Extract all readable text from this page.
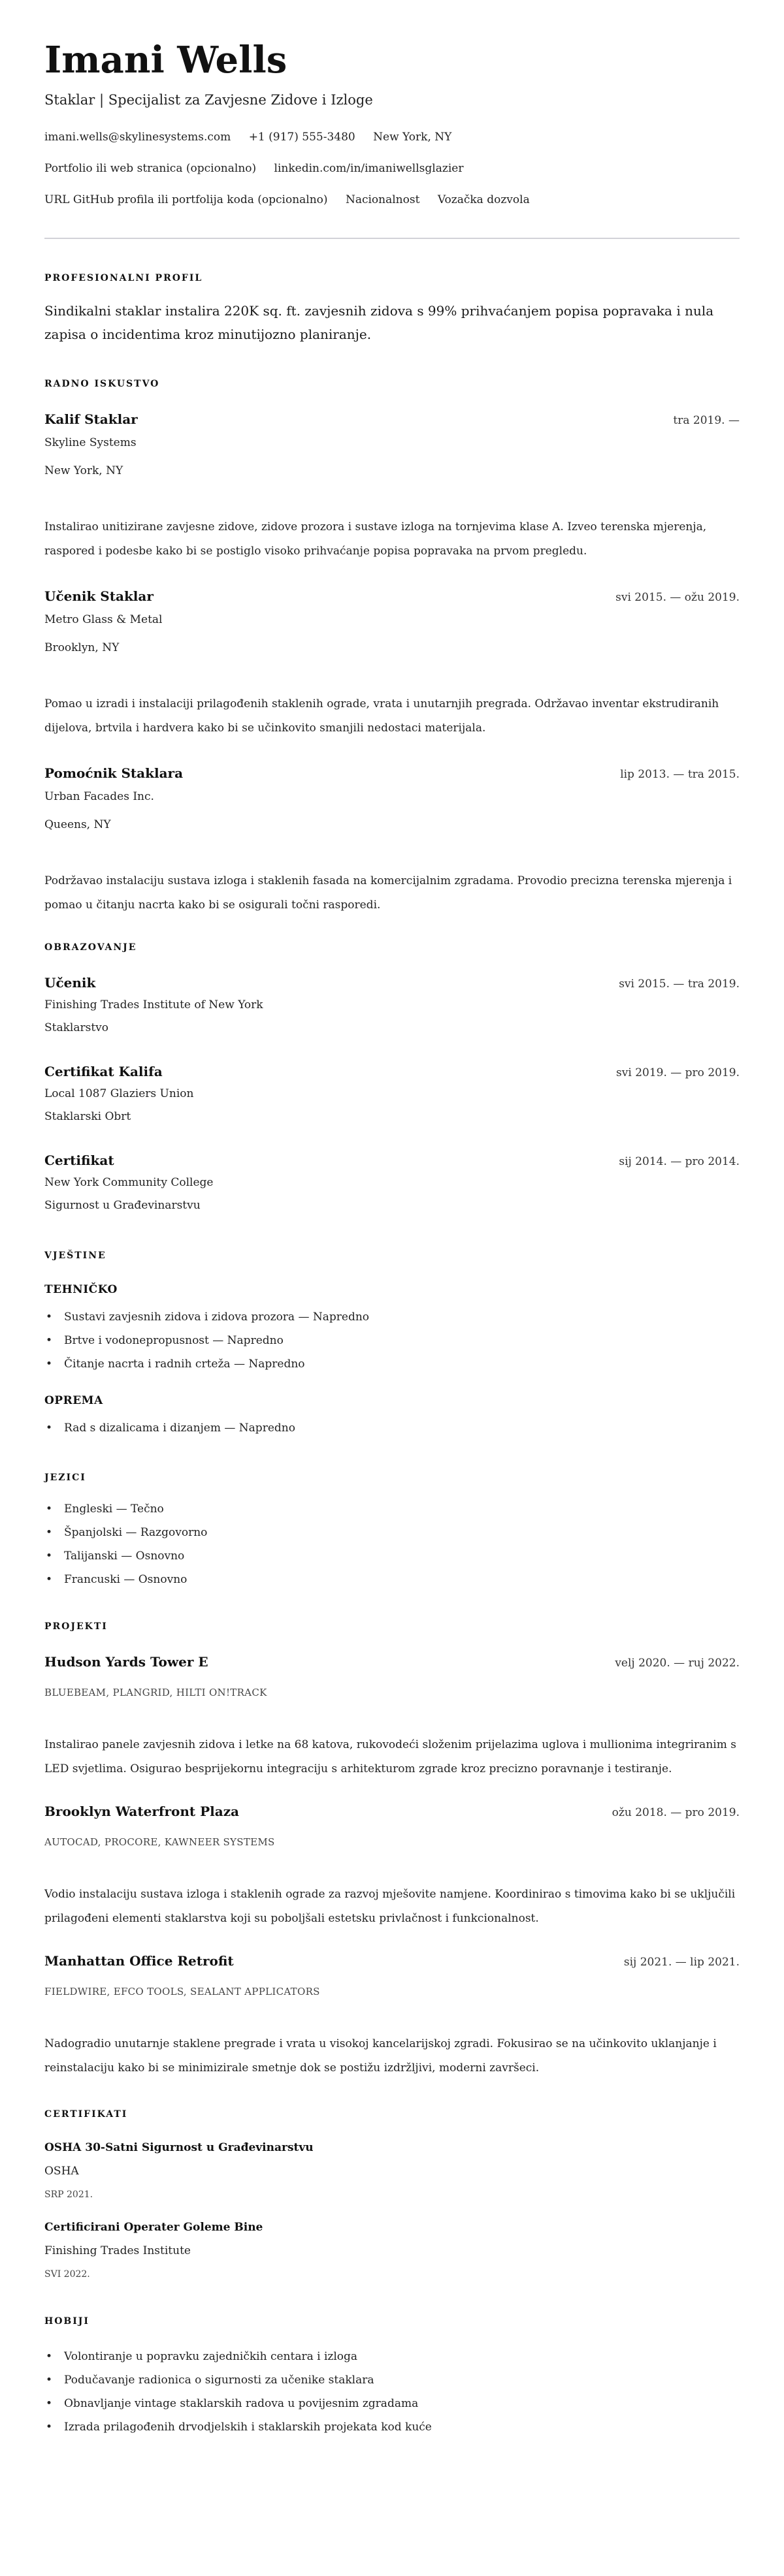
Imani Wells
Staklar | Specijalist za Zavjesne Zidove i Izloge
imani.wells@skylinesystems.com +1 (917) 555-3480 New York, NY
Portfolio ili web stranica (opcionalno) linkedin.com/in/imaniwellsglazier
URL GitHub profila ili portfolija koda (opcionalno) Nacionalnost Vozačka dozvola
PROFESIONALNI PROFIL
Sindikalni staklar instalira 220K sq. ft. zavjesnih zidova s 99% prihvaćanjem popisa popravaka i nula zapisa o incidentima kroz minutijozno planiranje.
RADNO ISKUSTVO
Kalif Staklar	tra 2019. —
Skyline Systems
New York, NY
Instalirao unitizirane zavjesne zidove, zidove prozora i sustave izloga na tornjevima klase A. Izveo terenska mjerenja, raspored i podesbe kako bi se postiglo visoko prihvaćanje popisa popravaka na prvom pregledu.
Učenik Staklar	svi 2015. — ožu 2019.
Metro Glass & Metal
Brooklyn, NY
Pomao u izradi i instalaciji prilagođenih staklenih ograde, vrata i unutarnjih pregrada. Održavao inventar ekstrudiranih dijelova, brtvila i hardvera kako bi se učinkovito smanjili nedostaci materijala.
Pomoćnik Staklara	lip 2013. — tra 2015.
Urban Facades Inc.
Queens, NY
Podržavao instalaciju sustava izloga i staklenih fasada na komercijalnim zgradama. Provodio precizna terenska mjerenja i pomao u čitanju nacrta kako bi se osigurali točni rasporedi.
OBRAZOVANJE
Učenik	svi 2015. — tra 2019.
Finishing Trades Institute of New York
Staklarstvo
Certifikat Kalifa	svi 2019. — pro 2019.
Local 1087 Glaziers Union
Staklarski Obrt
Certifikat	sij 2014. — pro 2014.
New York Community College
Sigurnost u Građevinarstvu
VJEŠTINE
TEHNIČKO
• Sustavi zavjesnih zidova i zidova prozora — Napredno
• Brtve i vodonepropusnost — Napredno
• Čitanje nacrta i radnih crteža — Napredno
OPREMA
• Rad s dizalicama i dizanjem — Napredno
JEZICI
• Engleski — Tečno
• Španjolski — Razgovorno
• Talijanski — Osnovno
• Francuski — Osnovno
PROJEKTI
Hudson Yards Tower E	velj 2020. — ruj 2022.
BLUEBEAM, PLANGRID, HILTI ON!TRACK
Instalirao panele zavjesnih zidova i letke na 68 katova, rukovodeći složenim prijelazima uglova i mullionima integriranim s LED svjetlima. Osigurao besprijekornu integraciju s arhitekturom zgrade kroz precizno poravnanje i testiranje.
Brooklyn Waterfront Plaza	ožu 2018. — pro 2019.
AUTOCAD, PROCORE, KAWNEER SYSTEMS
Vodio instalaciju sustava izloga i staklenih ograde za razvoj mješovite namjene. Koordinirao s timovima kako bi se uključili prilagođeni elementi staklarstva koji su poboljšali estetsku privlačnost i funkcionalnost.
Manhattan Office Retrofit	sij 2021. — lip 2021.
FIELDWIRE, EFCO TOOLS, SEALANT APPLICATORS
Nadogradio unutarnje staklene pregrade i vrata u visokoj kancelarijskoj zgradi. Fokusirao se na učinkovito uklanjanje i reinstalaciju kako bi se minimizirale smetnje dok se postižu izdržljivi, moderni završeci.
CERTIFIKATI
OSHA 30-Satni Sigurnost u Građevinarstvu
OSHA
SRP 2021.
Certificirani Operater Goleme Bine
Finishing Trades Institute
SVI 2022.
HOBIJI
• Volontiranje u popravku zajedničkih centara i izloga
• Podučavanje radionica o sigurnosti za učenike staklara
• Obnavljanje vintage staklarskih radova u povijesnim zgradama
• Izrada prilagođenih drvodjelskih i staklarskih projekata kod kuće
